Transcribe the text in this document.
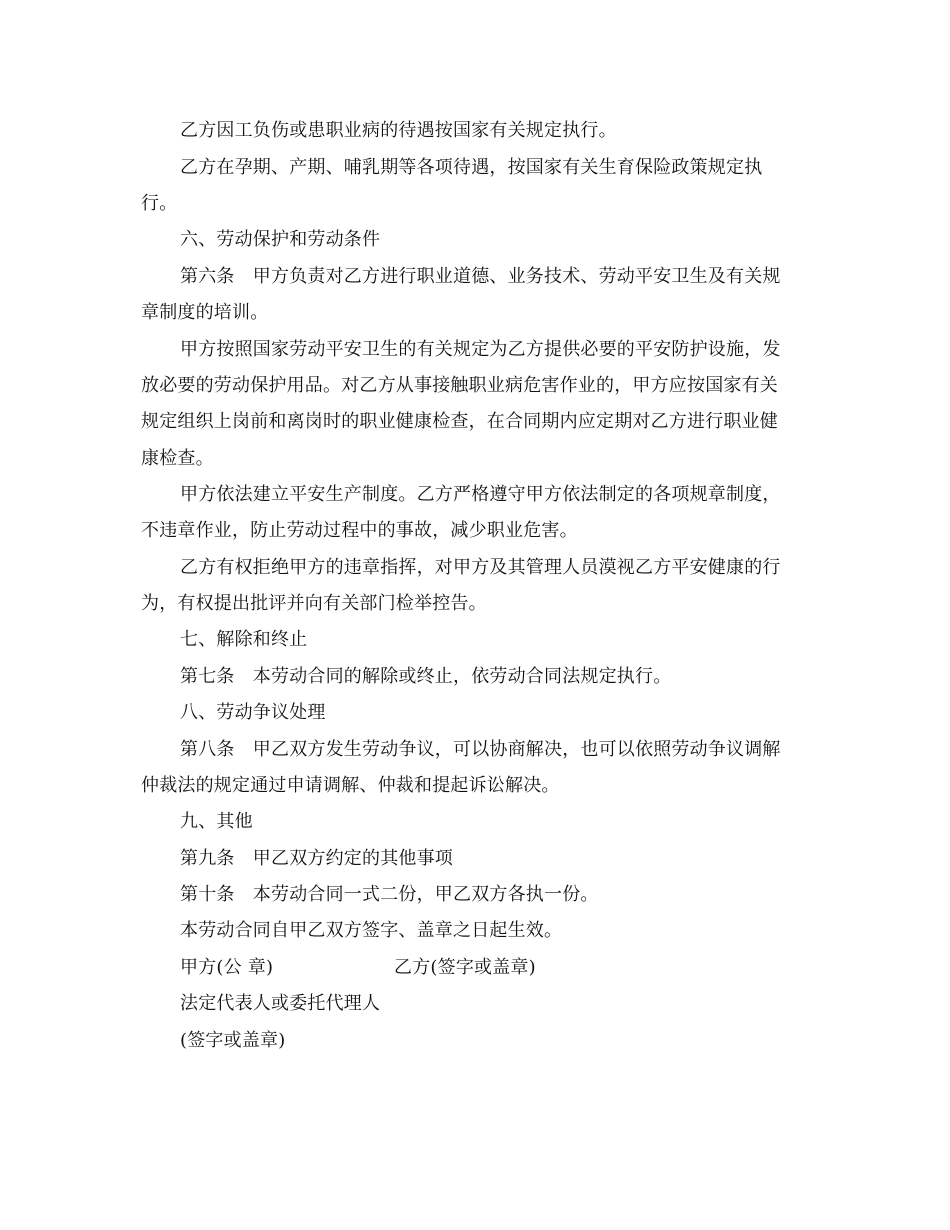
乙方因工负伤或患职业病的待遇按国家有关规定执行。
乙方在孕期、产期、哺乳期等各项待遇，按国家有关生育保险政策规定执
行。
六、劳动保护和劳动条件
第六条　甲方负责对乙方进行职业道德、业务技术、劳动平安卫生及有关规
章制度的培训。
甲方按照国家劳动平安卫生的有关规定为乙方提供必要的平安防护设施，发
放必要的劳动保护用品。对乙方从事接触职业病危害作业的，甲方应按国家有关
规定组织上岗前和离岗时的职业健康检查，在合同期内应定期对乙方进行职业健
康检查。
甲方依法建立平安生产制度。乙方严格遵守甲方依法制定的各项规章制度，
不违章作业，防止劳动过程中的事故，减少职业危害。
乙方有权拒绝甲方的违章指挥，对甲方及其管理人员漠视乙方平安健康的行
为，有权提出批评并向有关部门检举控告。
七、解除和终止
第七条　本劳动合同的解除或终止，依劳动合同法规定执行。
八、劳动争议处理
第八条　甲乙双方发生劳动争议，可以协商解决，也可以依照劳动争议调解
仲裁法的规定通过申请调解、仲裁和提起诉讼解决。
九、其他
第九条　甲乙双方约定的其他事项
第十条　本劳动合同一式二份，甲乙双方各执一份。
本劳动合同自甲乙双方签字、盖章之日起生效。
甲方(公 章)	乙方(签字或盖章)
法定代表人或委托代理人
(签字或盖章)
